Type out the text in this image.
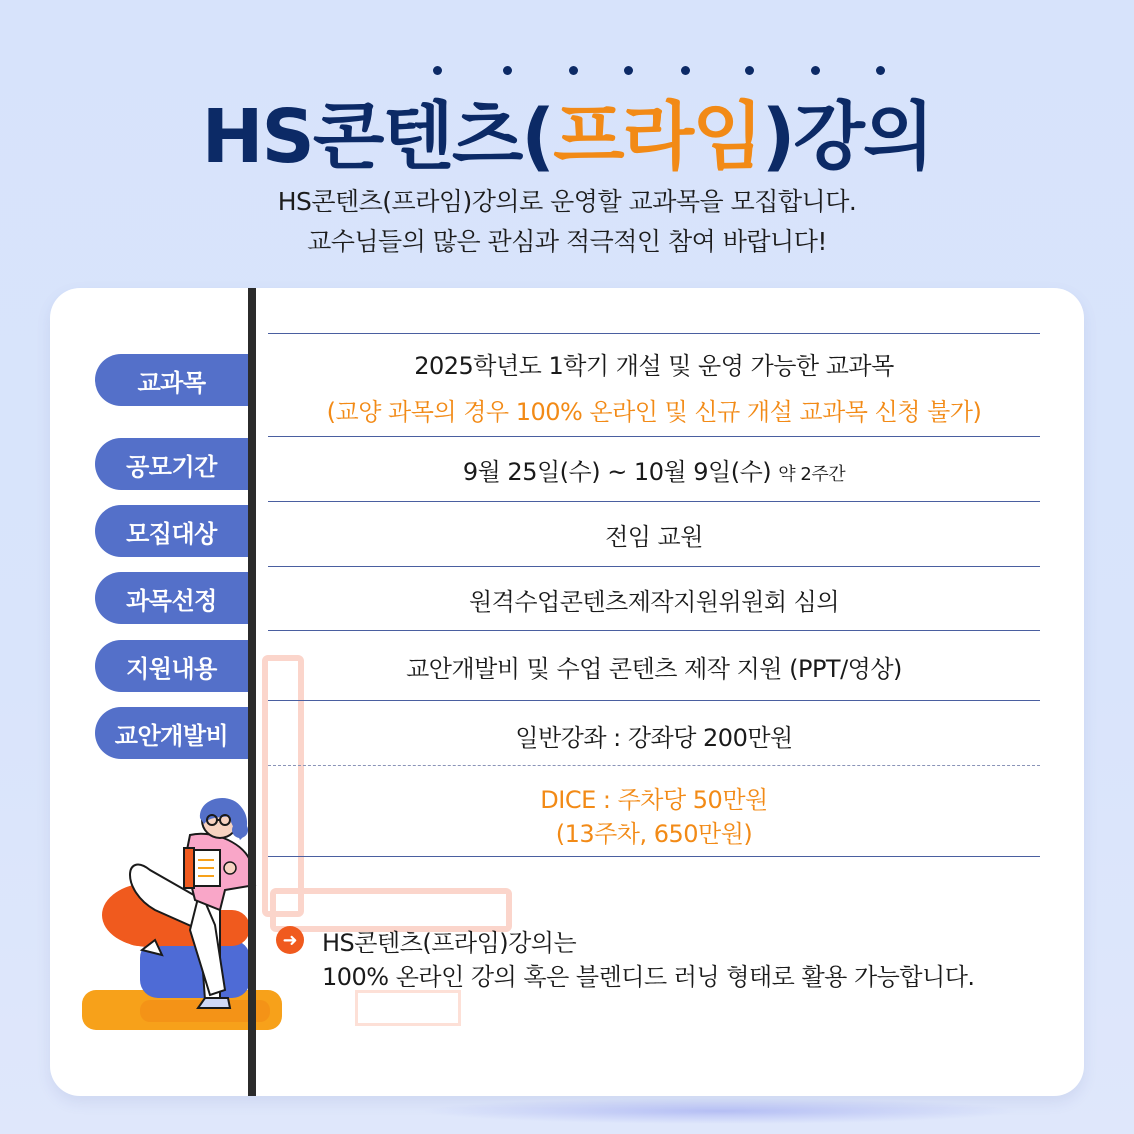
HS콘텐츠(프라임)강의
HS콘텐츠(프라임)강의로 운영할 교과목을 모집합니다.
교수님들의 많은 관심과 적극적인 참여 바랍니다!
교과목
공모기간
모집대상
과목선정
지원내용
교안개발비
2025학년도 1학기 개설 및 운영 가능한 교과목
(교양 과목의 경우 100% 온라인 및 신규 개설 교과목 신청 불가)
9월 25일(수) ~ 10월 9일(수) 약 2주간
전임 교원
원격수업콘텐츠제작지원위원회 심의
교안개발비 및 수업 콘텐츠 제작 지원 (PPT/영상)
일반강좌 : 강좌당 200만원
DICE : 주차당 50만원
(13주차, 650만원)
➜ HS콘텐츠(프라임)강의는
100% 온라인 강의 혹은 블렌디드 러닝 형태로 활용 가능합니다.
